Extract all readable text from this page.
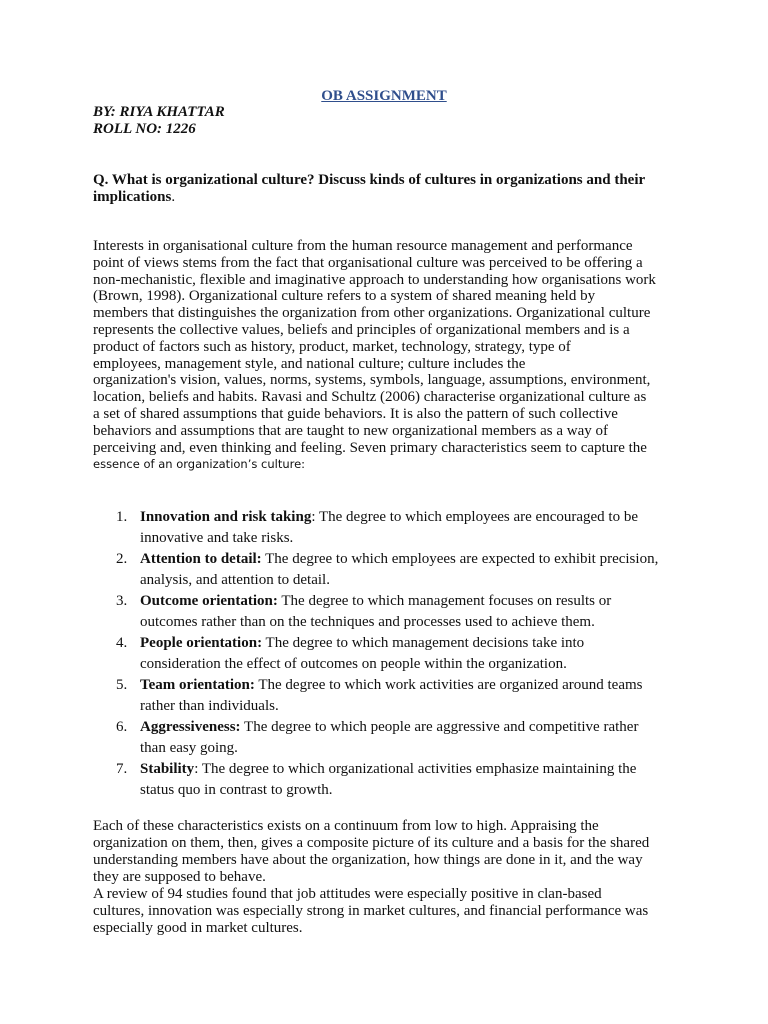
OB ASSIGNMENT
BY: RIYA KHATTAR
ROLL NO: 1226
Q. What is organizational culture? Discuss kinds of cultures in organizations and their implications.
Interests in organisational culture from the human resource management and performance
point of views stems from the fact that organisational culture was perceived to be offering a
non-mechanistic, flexible and imaginative approach to understanding how organisations work
(Brown, 1998). Organizational culture refers to a system of shared meaning held by
members that distinguishes the organization from other organizations. Organizational culture
represents the collective values, beliefs and principles of organizational members and is a
product of factors such as history, product, market, technology, strategy, type of
employees, management style, and national culture; culture includes the
organization's vision, values, norms, systems, symbols, language, assumptions, environment,
location, beliefs and habits. Ravasi and Schultz (2006) characterise organizational culture as
a set of shared assumptions that guide behaviors. It is also the pattern of such collective
behaviors and assumptions that are taught to new organizational members as a way of
perceiving and, even thinking and feeling. Seven primary characteristics seem to capture the
essence of an organization’s culture:
1. Innovation and risk taking: The degree to which employees are encouraged to be
innovative and take risks.
2. Attention to detail: The degree to which employees are expected to exhibit precision,
analysis, and attention to detail.
3. Outcome orientation: The degree to which management focuses on results or
outcomes rather than on the techniques and processes used to achieve them.
4. People orientation: The degree to which management decisions take into
consideration the effect of outcomes on people within the organization.
5. Team orientation: The degree to which work activities are organized around teams
rather than individuals.
6. Aggressiveness: The degree to which people are aggressive and competitive rather
than easy going.
7. Stability: The degree to which organizational activities emphasize maintaining the
status quo in contrast to growth.
Each of these characteristics exists on a continuum from low to high. Appraising the
organization on them, then, gives a composite picture of its culture and a basis for the shared
understanding members have about the organization, how things are done in it, and the way
they are supposed to behave.
A review of 94 studies found that job attitudes were especially positive in clan-based
cultures, innovation was especially strong in market cultures, and financial performance was
especially good in market cultures.
